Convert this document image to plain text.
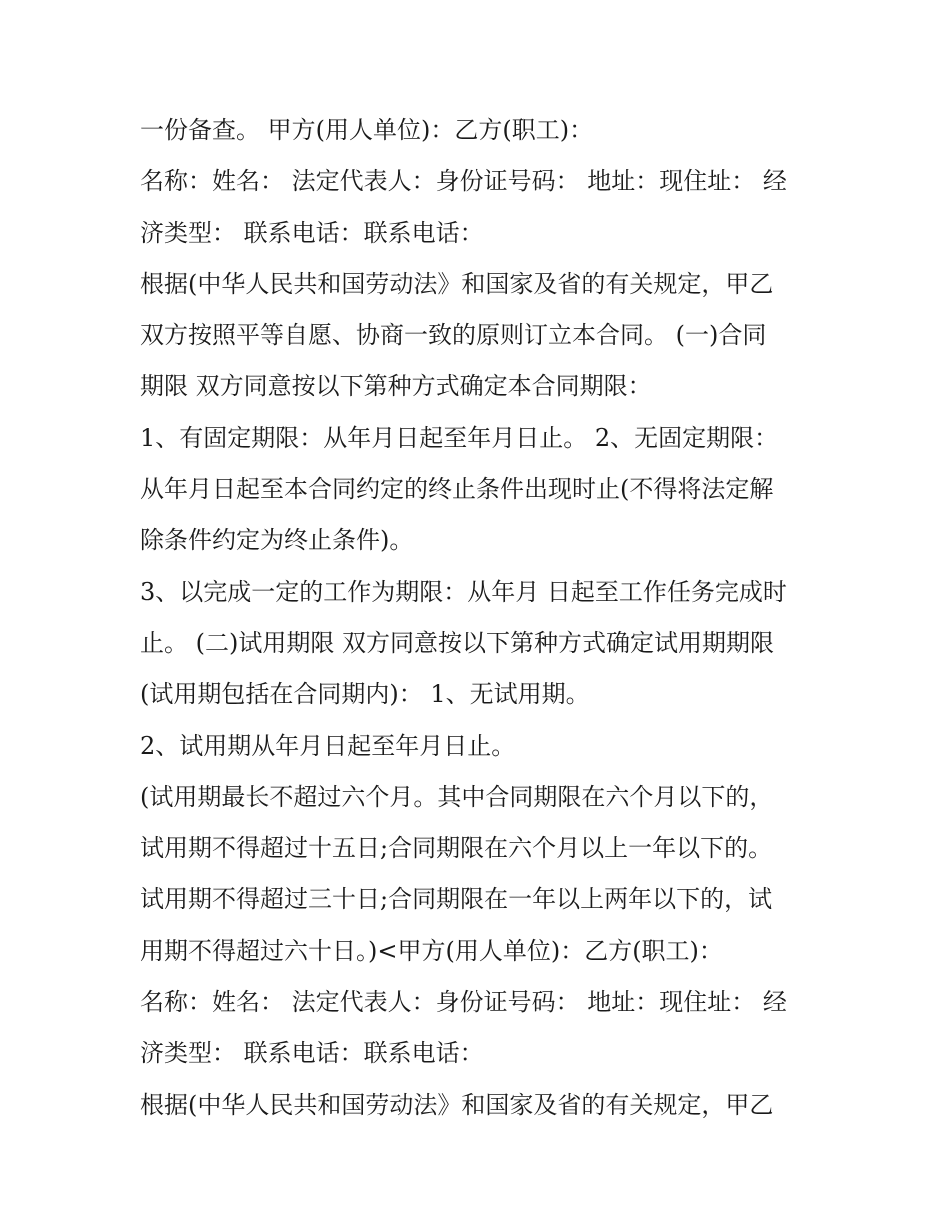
一份备查。 甲方(用人单位)：乙方(职工)：
名称：姓名： 法定代表人：身份证号码： 地址：现住址： 经
济类型： 联系电话：联系电话：
根据(中华人民共和国劳动法》和国家及省的有关规定，甲乙
双方按照平等自愿、协商一致的原则订立本合同。 (一)合同
期限 双方同意按以下第种方式确定本合同期限：
1、有固定期限：从年月日起至年月日止。 2、无固定期限：
从年月日起至本合同约定的终止条件出现时止(不得将法定解
除条件约定为终止条件)。
3、以完成一定的工作为期限：从年月 日起至工作任务完成时
止。 (二)试用期限 双方同意按以下第种方式确定试用期期限
(试用期包括在合同期内)： 1、无试用期。
2、试用期从年月日起至年月日止。
(试用期最长不超过六个月。其中合同期限在六个月以下的，
试用期不得超过十五日;合同期限在六个月以上一年以下的。
试用期不得超过三十日;合同期限在一年以上两年以下的，试
用期不得超过六十日。)<甲方(用人单位)：乙方(职工)：
名称：姓名： 法定代表人：身份证号码： 地址：现住址： 经
济类型： 联系电话：联系电话：
根据(中华人民共和国劳动法》和国家及省的有关规定，甲乙
